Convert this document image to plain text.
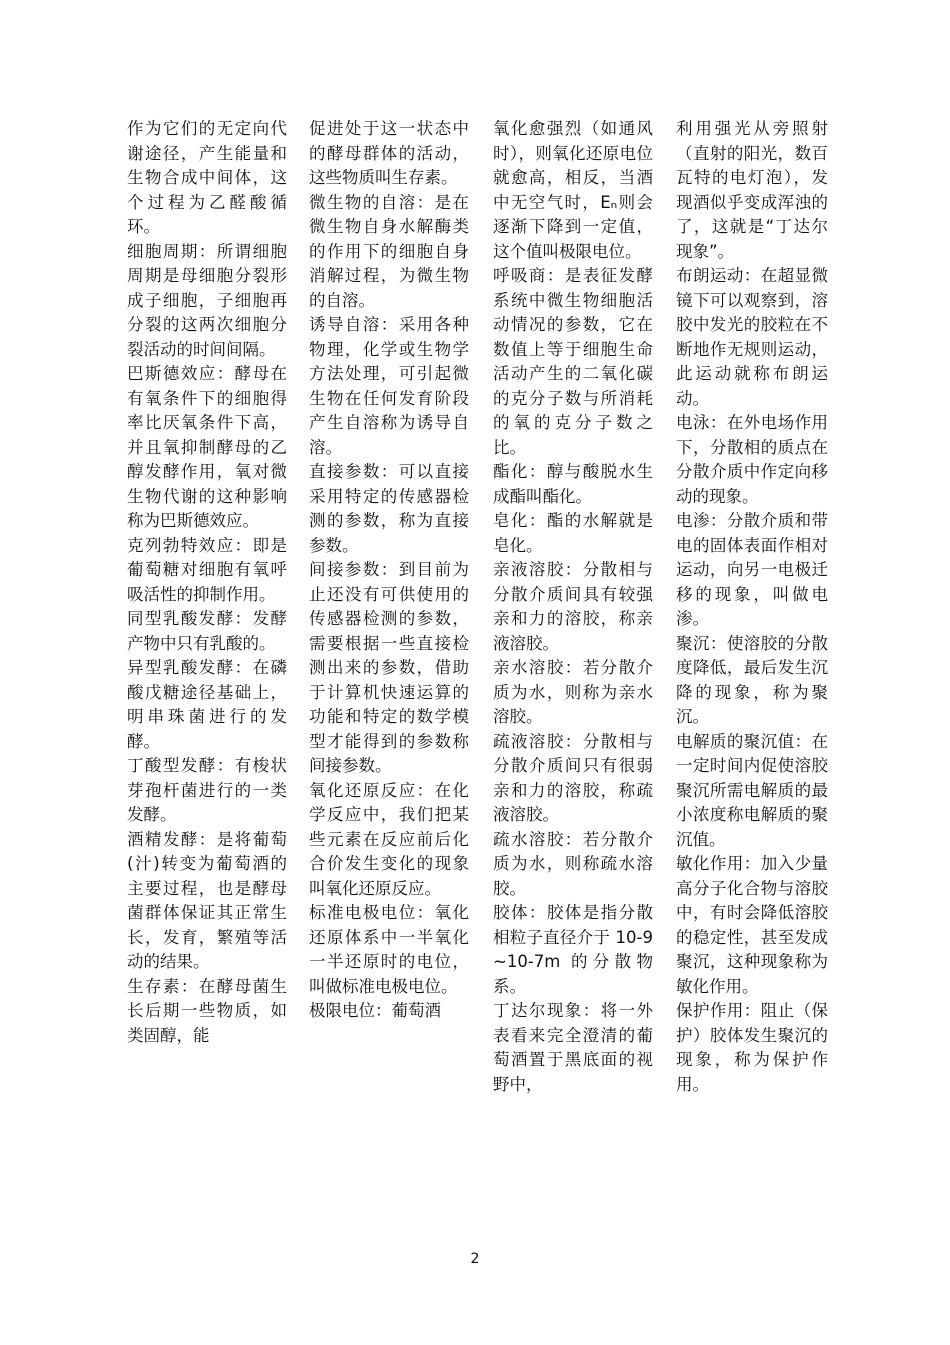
作为它们的无定向代谢途径，产生能量和生物合成中间体，这个过程为乙醛酸循环。

细胞周期：所谓细胞周期是母细胞分裂形成子细胞，子细胞再分裂的这两次细胞分裂活动的时间间隔。

巴斯德效应：酵母在有氧条件下的细胞得率比厌氧条件下高，并且氧抑制酵母的乙醇发酵作用，氧对微生物代谢的这种影响称为巴斯德效应。

克列勃特效应：即是葡萄糖对细胞有氧呼吸活性的抑制作用。

同型乳酸发酵：发酵产物中只有乳酸的。

异型乳酸发酵：在磷酸戊糖途径基础上，明串珠菌进行的发酵。

丁酸型发酵：有梭状芽孢杆菌进行的一类发酵。

酒精发酵：是将葡萄(汁)转变为葡萄酒的主要过程，也是酵母菌群体保证其正常生长，发育，繁殖等活动的结果。

生存素：在酵母菌生长后期一些物质，如类固醇，能

促进处于这一状态中的酵母群体的活动，这些物质叫生存素。

微生物的自溶：是在微生物自身水解酶类的作用下的细胞自身消解过程，为微生物的自溶。

诱导自溶：采用各种物理，化学或生物学方法处理，可引起微生物在任何发育阶段产生自溶称为诱导自溶。

直接参数：可以直接采用特定的传感器检测的参数，称为直接参数。

间接参数：到目前为止还没有可供使用的传感器检测的参数，需要根据一些直接检测出来的参数，借助于计算机快速运算的功能和特定的数学模型才能得到的参数称间接参数。

氧化还原反应：在化学反应中，我们把某些元素在反应前后化合价发生变化的现象叫氧化还原反应。

标准电极电位：氧化还原体系中一半氧化一半还原时的电位，叫做标准电极电位。

极限电位：葡萄酒

氧化愈强烈（如通风时），则氧化还原电位就愈高，相反，当酒中无空气时，Eₙ则会逐渐下降到一定值，这个值叫极限电位。

呼吸商：是表征发酵系统中微生物细胞活动情况的参数，它在数值上等于细胞生命活动产生的二氧化碳的克分子数与所消耗的氧的克分子数之比。

酯化：醇与酸脱水生成酯叫酯化。

皂化：酯的水解就是皂化。

亲液溶胶：分散相与分散介质间具有较强亲和力的溶胶，称亲液溶胶。

亲水溶胶：若分散介质为水，则称为亲水溶胶。

疏液溶胶：分散相与分散介质间只有很弱亲和力的溶胶，称疏液溶胶。

疏水溶胶：若分散介质为水，则称疏水溶胶。

胶体：胶体是指分散相粒子直径介于 10-9~10-7m 的分散物系。

丁达尔现象：将一外表看来完全澄清的葡萄酒置于黑底面的视野中，

利用强光从旁照射（直射的阳光，数百瓦特的电灯泡），发现酒似乎变成浑浊的了，这就是“丁达尔现象”。

布朗运动：在超显微镜下可以观察到，溶胶中发光的胶粒在不断地作无规则运动，此运动就称布朗运动。

电泳：在外电场作用下，分散相的质点在分散介质中作定向移动的现象。

电渗：分散介质和带电的固体表面作相对运动，向另一电极迁移的现象，叫做电渗。

聚沉：使溶胶的分散度降低，最后发生沉降的现象，称为聚沉。

电解质的聚沉值：在一定时间内促使溶胶聚沉所需电解质的最小浓度称电解质的聚沉值。

敏化作用：加入少量高分子化合物与溶胶中，有时会降低溶胶的稳定性，甚至发成聚沉，这种现象称为敏化作用。

保护作用：阻止（保护）胶体发生聚沉的现象，称为保护作用。

2
